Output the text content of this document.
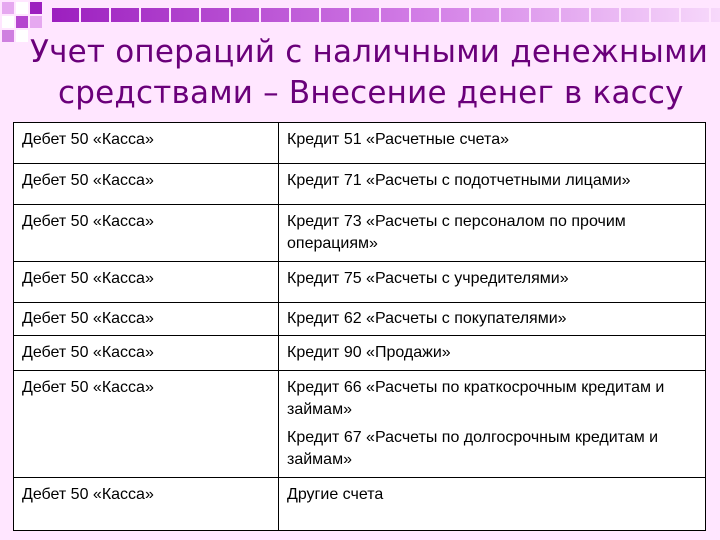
Учет операций с наличными денежными

средствами – Внесение денег в кассу
Дебет 50 «Касса»	Кредит 51 «Расчетные счета»

Дебет 50 «Касса»	Кредит 71 «Расчеты с подотчетными лицами»

Дебет 50 «Касса»	Кредит 73 «Расчеты с персоналом по прочим операциям»

Дебет 50 «Касса»	Кредит 75 «Расчеты с учредителями»

Дебет 50 «Касса»	Кредит 62 «Расчеты с покупателями»

Дебет 50 «Касса»	Кредит 90 «Продажи»

Дебет 50 «Касса»	Кредит 66 «Расчеты по краткосрочным кредитам и займам»

Кредит 67 «Расчеты по долгосрочным кредитам и займам»

Дебет 50 «Касса»	Другие счета
